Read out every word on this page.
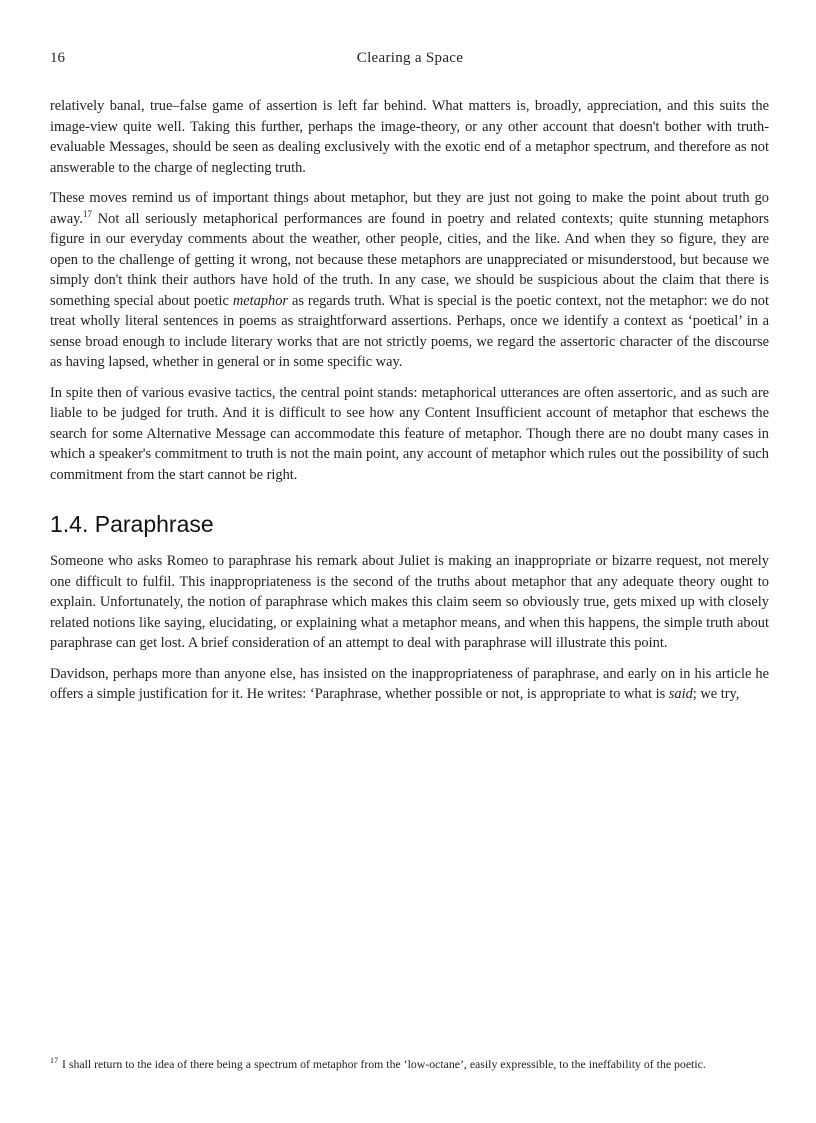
16	Clearing a Space

relatively banal, true–false game of assertion is left far behind. What matters is, broadly, appreciation, and this suits the image-view quite well. Taking this further, perhaps the image-theory, or any other account that doesn't bother with truth- evaluable Messages, should be seen as dealing exclusively with the exotic end of a metaphor spectrum, and therefore as not answerable to the charge of neglecting truth.

These moves remind us of important things about metaphor, but they are just not going to make the point about truth go away.$^{17}$ Not all seriously metaphorical performances are found in poetry and related contexts; quite stunning metaphors figure in our everyday comments about the weather, other people, cities, and the like. And when they so figure, they are open to the challenge of getting it wrong, not because these metaphors are unappreciated or misunderstood, but because we simply don't think their authors have hold of the truth. In any case, we should be suspicious about the claim that there is something special about poetic metaphor as regards truth. What is special is the poetic context, not the metaphor: we do not treat wholly literal sentences in poems as straightforward assertions. Perhaps, once we identify a context as ‘poetical’ in a sense broad enough to include literary works that are not strictly poems, we regard the assertoric character of the discourse as having lapsed, whether in general or in some specific way.

In spite then of various evasive tactics, the central point stands: metaphorical utterances are often assertoric, and as such are liable to be judged for truth. And it is difficult to see how any Content Insufficient account of metaphor that eschews the search for some Alternative Message can accommodate this feature of metaphor. Though there are no doubt many cases in which a speaker's commitment to truth is not the main point, any account of metaphor which rules out the possibility of such commitment from the start cannot be right.

1.4. Paraphrase

Someone who asks Romeo to paraphrase his remark about Juliet is making an inappropriate or bizarre request, not merely one difficult to fulfil. This inappropriateness is the second of the truths about metaphor that any adequate theory ought to explain. Unfortunately, the notion of paraphrase which makes this claim seem so obviously true, gets mixed up with closely related notions like saying, elucidating, or explaining what a metaphor means, and when this happens, the simple truth about paraphrase can get lost. A brief consideration of an attempt to deal with paraphrase will illustrate this point.

Davidson, perhaps more than anyone else, has insisted on the inappropriateness of paraphrase, and early on in his article he offers a simple justification for it. He writes: ‘Paraphrase, whether possible or not, is appropriate to what is said; we try,

$^{17}$ I shall return to the idea of there being a spectrum of metaphor from the ‘low-octane’, easily expressible, to the ineffability of the poetic.
